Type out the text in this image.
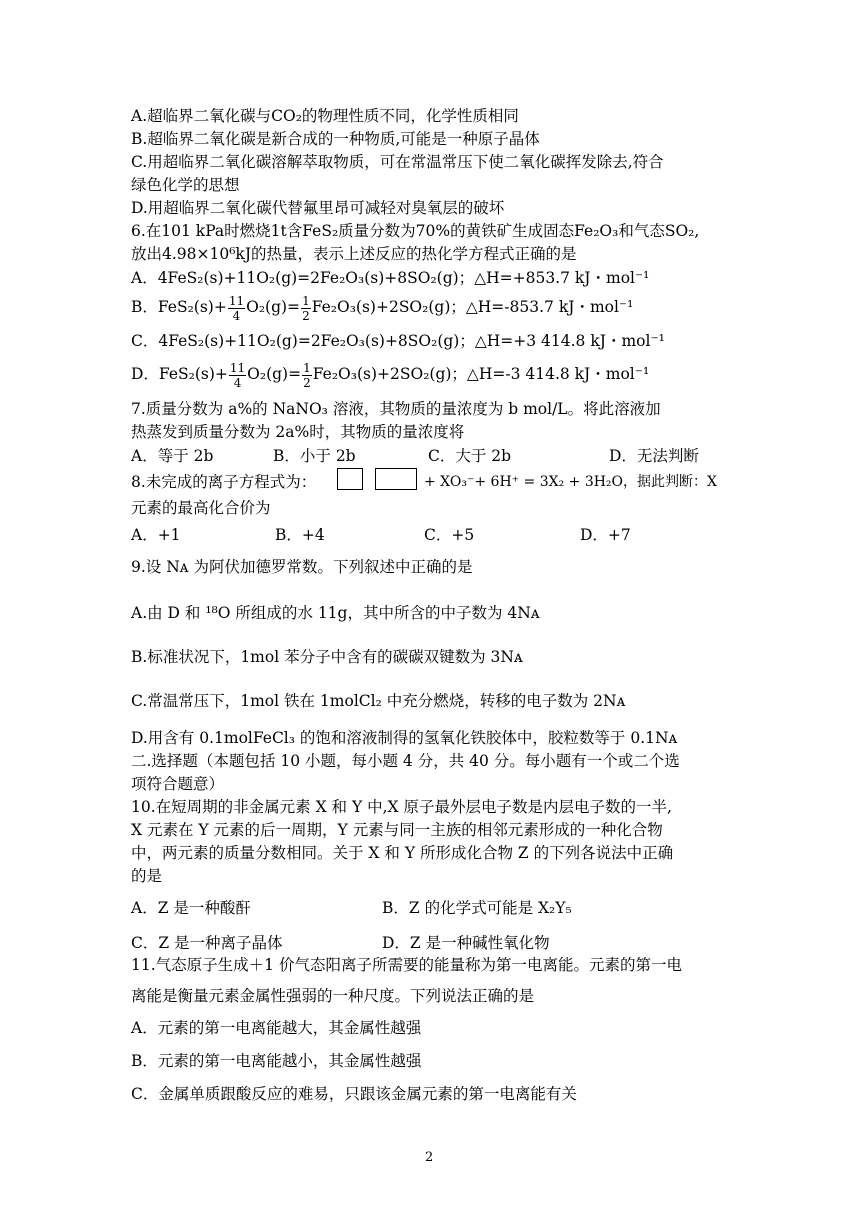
A.超临界二氧化碳与CO₂的物理性质不同，化学性质相同
B.超临界二氧化碳是新合成的一种物质,可能是一种原子晶体
C.用超临界二氧化碳溶解萃取物质，可在常温常压下使二氧化碳挥发除去,符合
绿色化学的思想
D.用超临界二氧化碳代替氟里昂可减轻对臭氧层的破坏
6.在101 kPa时燃烧1t含FeS₂质量分数为70%的黄铁矿生成固态Fe₂O₃和气态SO₂,
放出4.98×10⁶kJ的热量，表示上述反应的热化学方程式正确的是
A．4FeS₂(s)+11O₂(g)=2Fe₂O₃(s)+8SO₂(g)；△H=+853.7 kJ・mol⁻¹
B．$FeS_2(s)+ \frac{11}{4} O_2(g)= \frac{1}{2} Fe_2O_3(s)+2SO_2(g)$；△H=-853.7 kJ・mol⁻¹
C．4FeS₂(s)+11O₂(g)=2Fe₂O₃(s)+8SO₂(g)；△H=+3 414.8 kJ・mol⁻¹
D．$FeS_2(s)+ \frac{11}{4} O_2(g)= \frac{1}{2} Fe_2O_3(s)+2SO_2(g)$；△H=-3 414.8 kJ・mol⁻¹
7.质量分数为 a%的 NaNO₃ 溶液，其物质的量浓度为 b mol/L。将此溶液加
热蒸发到质量分数为 2a%时，其物质的量浓度将
A．等于 2b	B．小于 2b	C．大于 2b	D．无法判断
8.未完成的离子方程式为：	+ XO₃⁻+ 6H⁺ = 3X₂ + 3H₂O，据此判断：X
元素的最高化合价为
A．+1	B．+4	C．+5	D．+7
9.设 Nᴀ 为阿伏加德罗常数。下列叙述中正确的是
A.由 D 和 ¹⁸O 所组成的水 11g，其中所含的中子数为 4Nᴀ
B.标准状况下，1mol 苯分子中含有的碳碳双键数为 3Nᴀ
C.常温常压下，1mol 铁在 1molCl₂ 中充分燃烧，转移的电子数为 2Nᴀ
D.用含有 0.1molFeCl₃ 的饱和溶液制得的氢氧化铁胶体中，胶粒数等于 0.1Nᴀ
二.选择题（本题包括 10 小题，每小题 4 分，共 40 分。每小题有一个或二个选
项符合题意）
10.在短周期的非金属元素 X 和 Y 中,X 原子最外层电子数是内层电子数的一半,
X 元素在 Y 元素的后一周期，Y 元素与同一主族的相邻元素形成的一种化合物
中，两元素的质量分数相同。关于 X 和 Y 所形成化合物 Z 的下列各说法中正确
的是
A．Z 是一种酸酐	B．Z 的化学式可能是 X₂Y₅
C．Z 是一种离子晶体	D．Z 是一种碱性氧化物
11.气态原子生成＋1 价气态阳离子所需要的能量称为第一电离能。元素的第一电
离能是衡量元素金属性强弱的一种尺度。下列说法正确的是
A．元素的第一电离能越大，其金属性越强
B．元素的第一电离能越小，其金属性越强
C．金属单质跟酸反应的难易，只跟该金属元素的第一电离能有关
2
